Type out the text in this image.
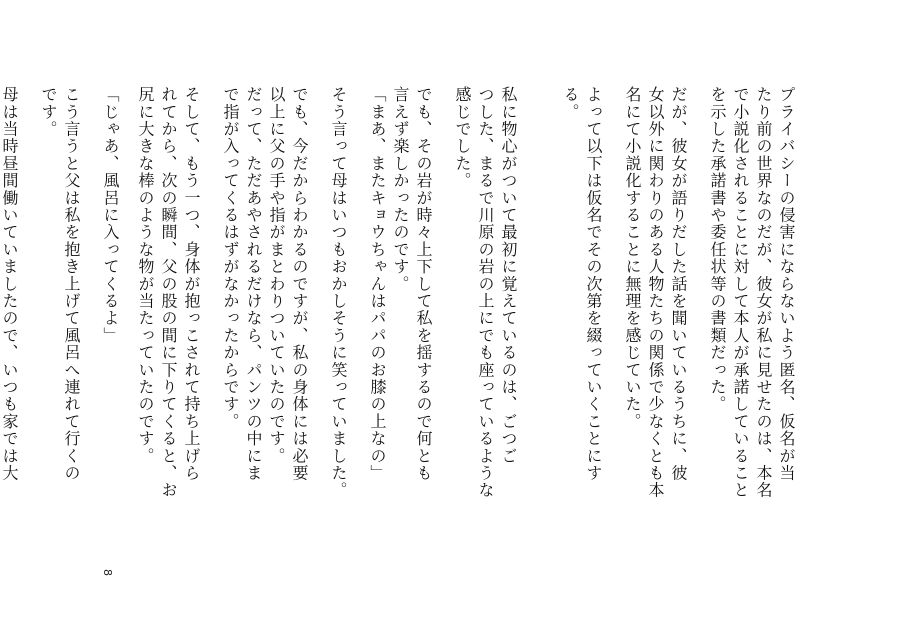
プライバシーの侵害にならないよう匿名、仮名が当
たり前の世界なのだが、彼女が私に見せたのは、本名
で小説化されることに対して本人が承諾していること
を示した承諾書や委任状等の書類だった。
だが、彼女が語りだした話を聞いているうちに、彼
女以外に関わりのある人物たちの関係で少なくとも本
名にて小説化することに無理を感じていた。
よって以下は仮名でその次第を綴っていくことにす
る。
私に物心がついて最初に覚えているのは、ごつご
つした、まるで川原の岩の上にでも座っているような
感じでした。
でも、その岩が時々上下して私を揺するので何とも
言えず楽しかったのです。
「まあ、またキョウちゃんはパパのお膝の上なの」
そう言って母はいつもおかしそうに笑っていました。
でも、今だからわかるのですが、私の身体には必要
以上に父の手や指がまとわりついていたのです。
だって、ただあやされるだけなら、パンツの中にま
で指が入ってくるはずがなかったからです。
そして、もう一つ、身体が抱っこされて持ち上げら
れてから、次の瞬間、父の股の間に下りてくると、お
尻に大きな棒のような物が当たっていたのです。
「じゃあ、風呂に入ってくるよ」
こう言うと父は私を抱き上げて風呂へ連れて行くの
です。
母は当時昼間働いていましたので、いつも家では大
8
